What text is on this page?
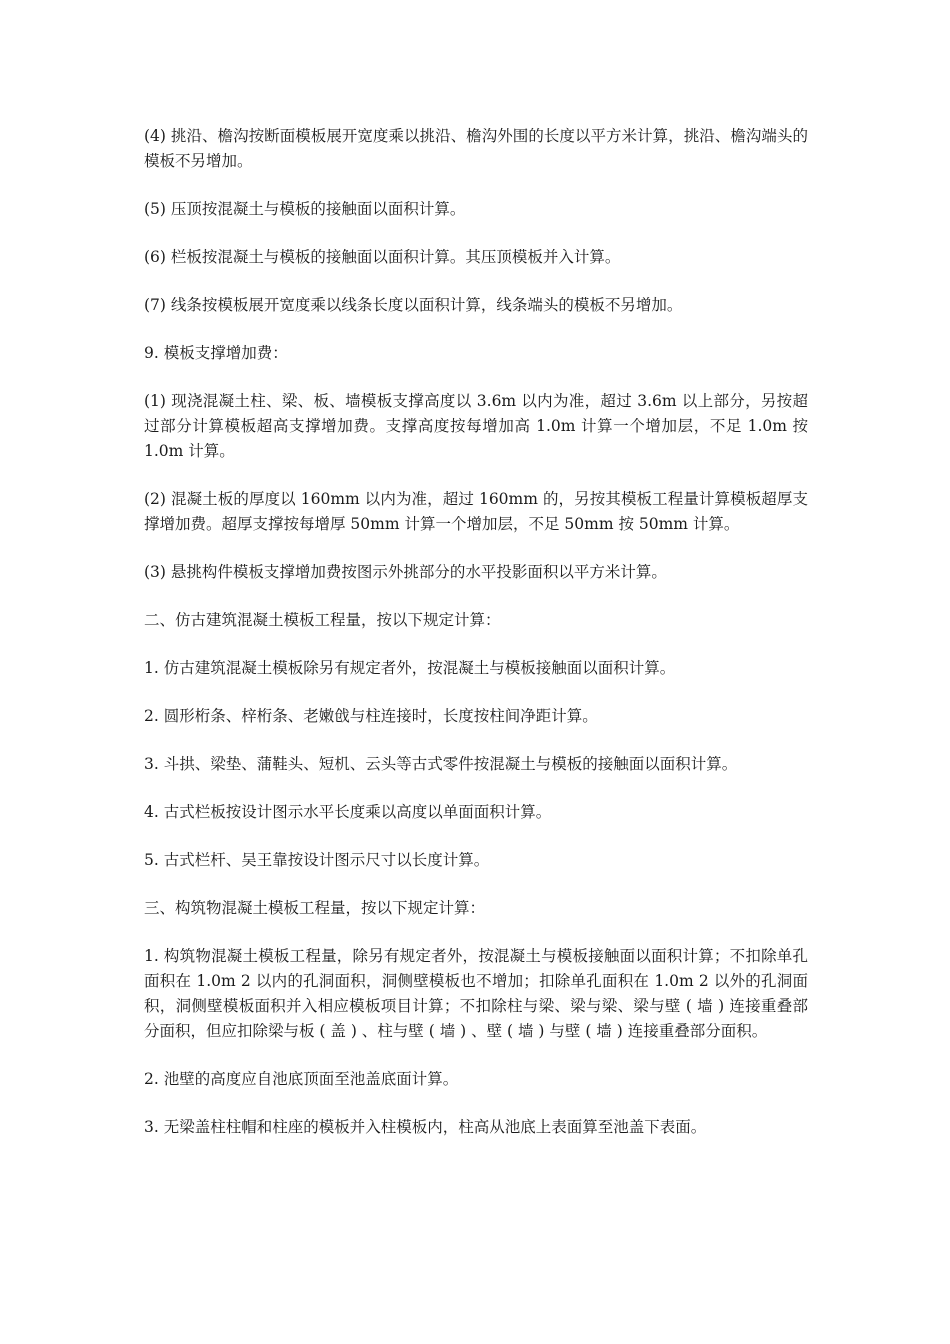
(4) 挑沿、檐沟按断面模板展开宽度乘以挑沿、檐沟外围的长度以平方米计算，挑沿、檐沟端头的模板不另增加。

(5) 压顶按混凝土与模板的接触面以面积计算。

(6) 栏板按混凝土与模板的接触面以面积计算。其压顶模板并入计算。

(7) 线条按模板展开宽度乘以线条长度以面积计算，线条端头的模板不另增加。

9. 模板支撑增加费：

(1) 现浇混凝土柱、梁、板、墙模板支撑高度以 3.6m 以内为准，超过 3.6m 以上部分，另按超过部分计算模板超高支撑增加费。支撑高度按每增加高 1.0m 计算一个增加层，不足 1.0m 按 1.0m 计算。

(2) 混凝土板的厚度以 160mm 以内为准，超过 160mm 的，另按其模板工程量计算模板超厚支撑增加费。超厚支撑按每增厚 50mm 计算一个增加层，不足 50mm 按 50mm 计算。

(3) 悬挑构件模板支撑增加费按图示外挑部分的水平投影面积以平方米计算。

二、仿古建筑混凝土模板工程量，按以下规定计算：

1. 仿古建筑混凝土模板除另有规定者外，按混凝土与模板接触面以面积计算。

2. 圆形桁条、梓桁条、老嫩戗与柱连接时，长度按柱间净距计算。

3. 斗拱、梁垫、蒲鞋头、短机、云头等古式零件按混凝土与模板的接触面以面积计算。

4. 古式栏板按设计图示水平长度乘以高度以单面面积计算。

5. 古式栏杆、吴王靠按设计图示尺寸以长度计算。

三、构筑物混凝土模板工程量，按以下规定计算：

1. 构筑物混凝土模板工程量，除另有规定者外，按混凝土与模板接触面以面积计算；不扣除单孔面积在 1.0m 2 以内的孔洞面积，洞侧壁模板也不增加；扣除单孔面积在 1.0m 2 以外的孔洞面积，洞侧壁模板面积并入相应模板项目计算；不扣除柱与梁、梁与梁、梁与壁 ( 墙 ) 连接重叠部分面积，但应扣除梁与板 ( 盖 ) 、柱与壁 ( 墙 ) 、壁 ( 墙 ) 与壁 ( 墙 ) 连接重叠部分面积。

2. 池壁的高度应自池底顶面至池盖底面计算。

3. 无梁盖柱柱帽和柱座的模板并入柱模板内，柱高从池底上表面算至池盖下表面。
